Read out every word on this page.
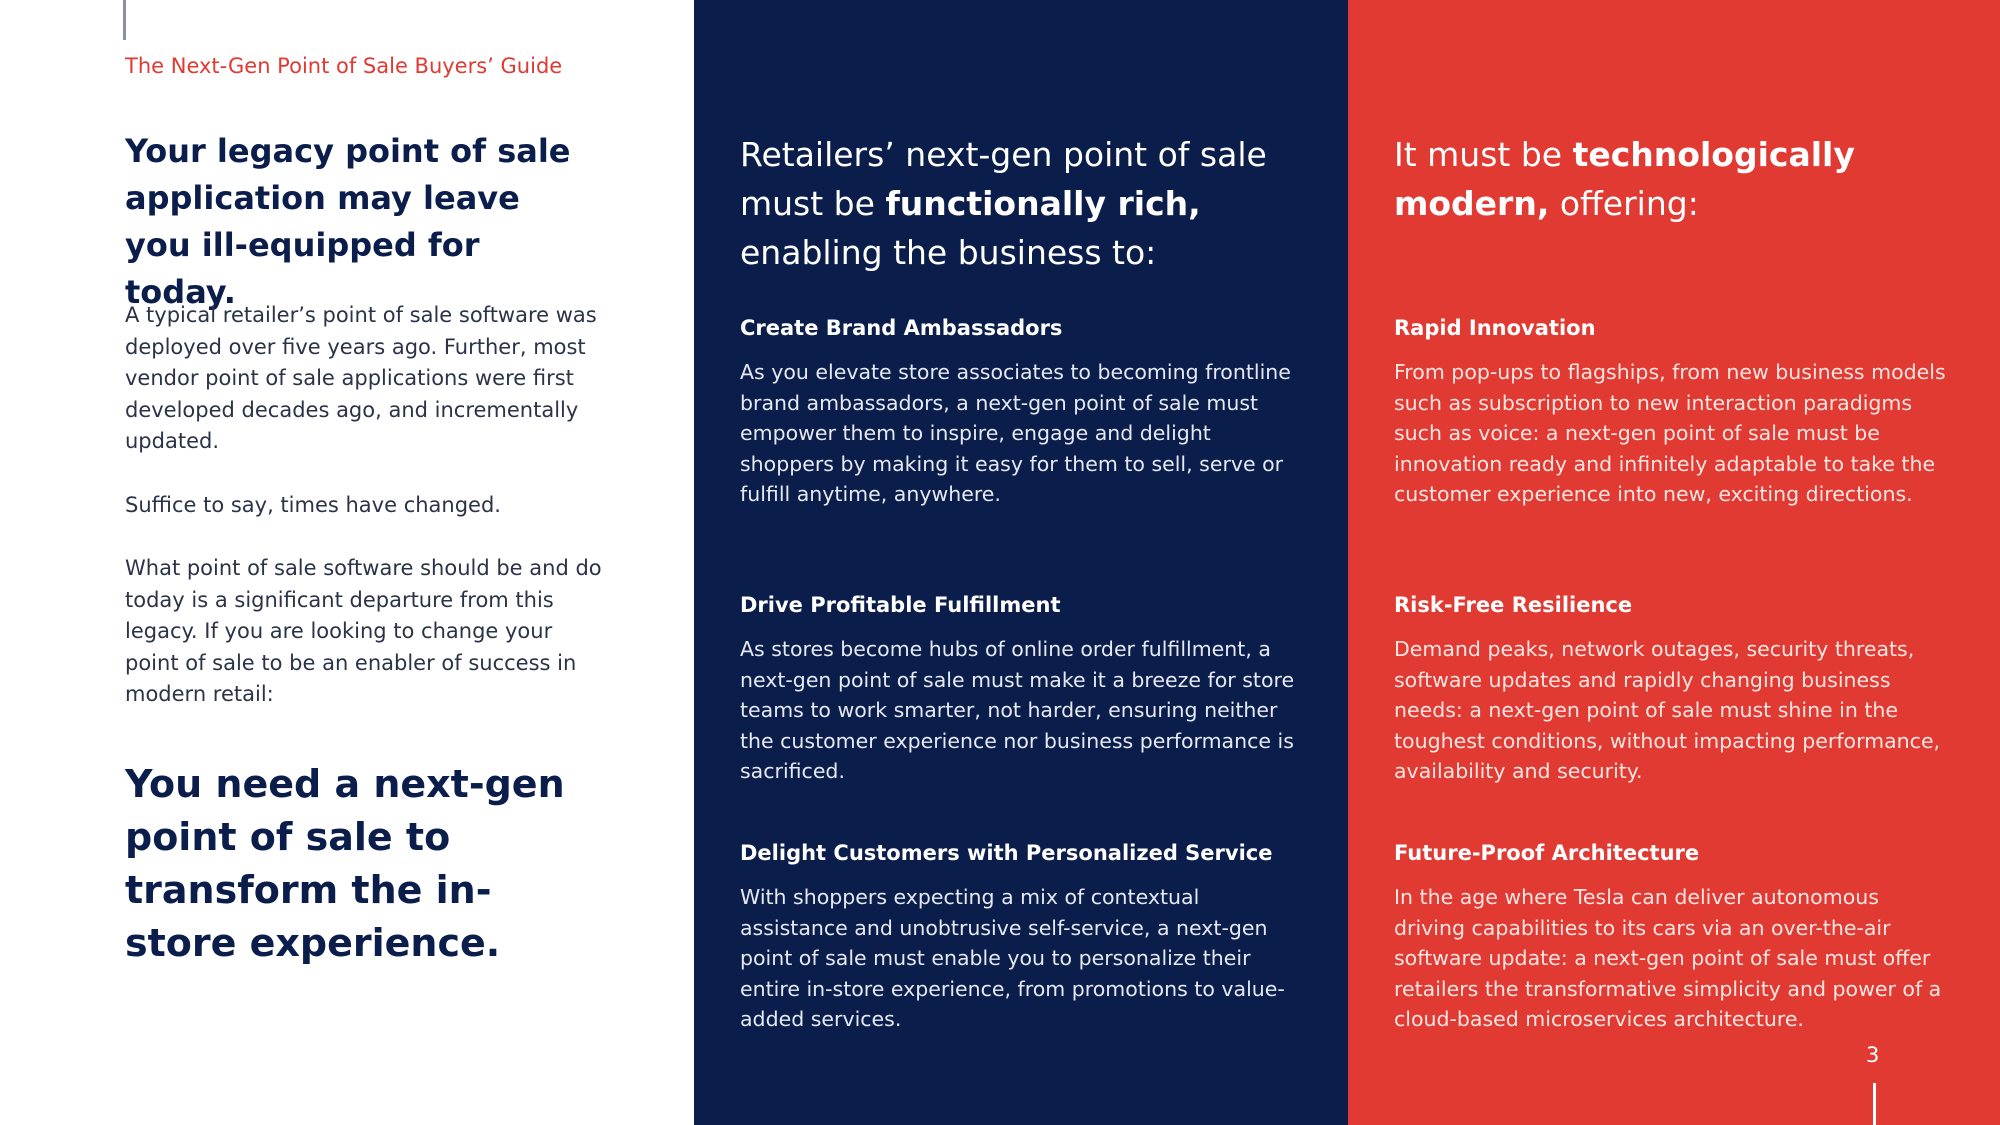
The Next-Gen Point of Sale Buyers’ Guide
Your legacy point of sale application may leave you ill-equipped for today.

A typical retailer’s point of sale software was deployed over five years ago. Further, most vendor point of sale applications were first developed decades ago, and incrementally updated.

Suffice to say, times have changed.

What point of sale software should be and do today is a significant departure from this legacy. If you are looking to change your point of sale to be an enabler of success in modern retail:

You need a next-gen point of sale to transform the in-store experience.
Retailers’ next-gen point of sale must be functionally rich, enabling the business to:
Create Brand Ambassadors

As you elevate store associates to becoming frontline brand ambassadors, a next-gen point of sale must empower them to inspire, engage and delight shoppers by making it easy for them to sell, serve or fulfill anytime, anywhere.

Drive Profitable Fulfillment

As stores become hubs of online order fulfillment, a next-gen point of sale must make it a breeze for store teams to work smarter, not harder, ensuring neither the customer experience nor business performance is sacrificed.

Delight Customers with Personalized Service

With shoppers expecting a mix of contextual assistance and unobtrusive self-service, a next-gen point of sale must enable you to personalize their entire in-store experience, from promotions to value-added services.

It must be technologically modern, offering:
Rapid Innovation

From pop-ups to flagships, from new business models such as subscription to new interaction paradigms such as voice: a next-gen point of sale must be innovation ready and infinitely adaptable to take the customer experience into new, exciting directions.

Risk-Free Resilience

Demand peaks, network outages, security threats, software updates and rapidly changing business needs: a next-gen point of sale must shine in the toughest conditions, without impacting performance, availability and security.

Future-Proof Architecture

In the age where Tesla can deliver autonomous driving capabilities to its cars via an over-the-air software update: a next-gen point of sale must offer retailers the transformative simplicity and power of a cloud-based microservices architecture.

3
